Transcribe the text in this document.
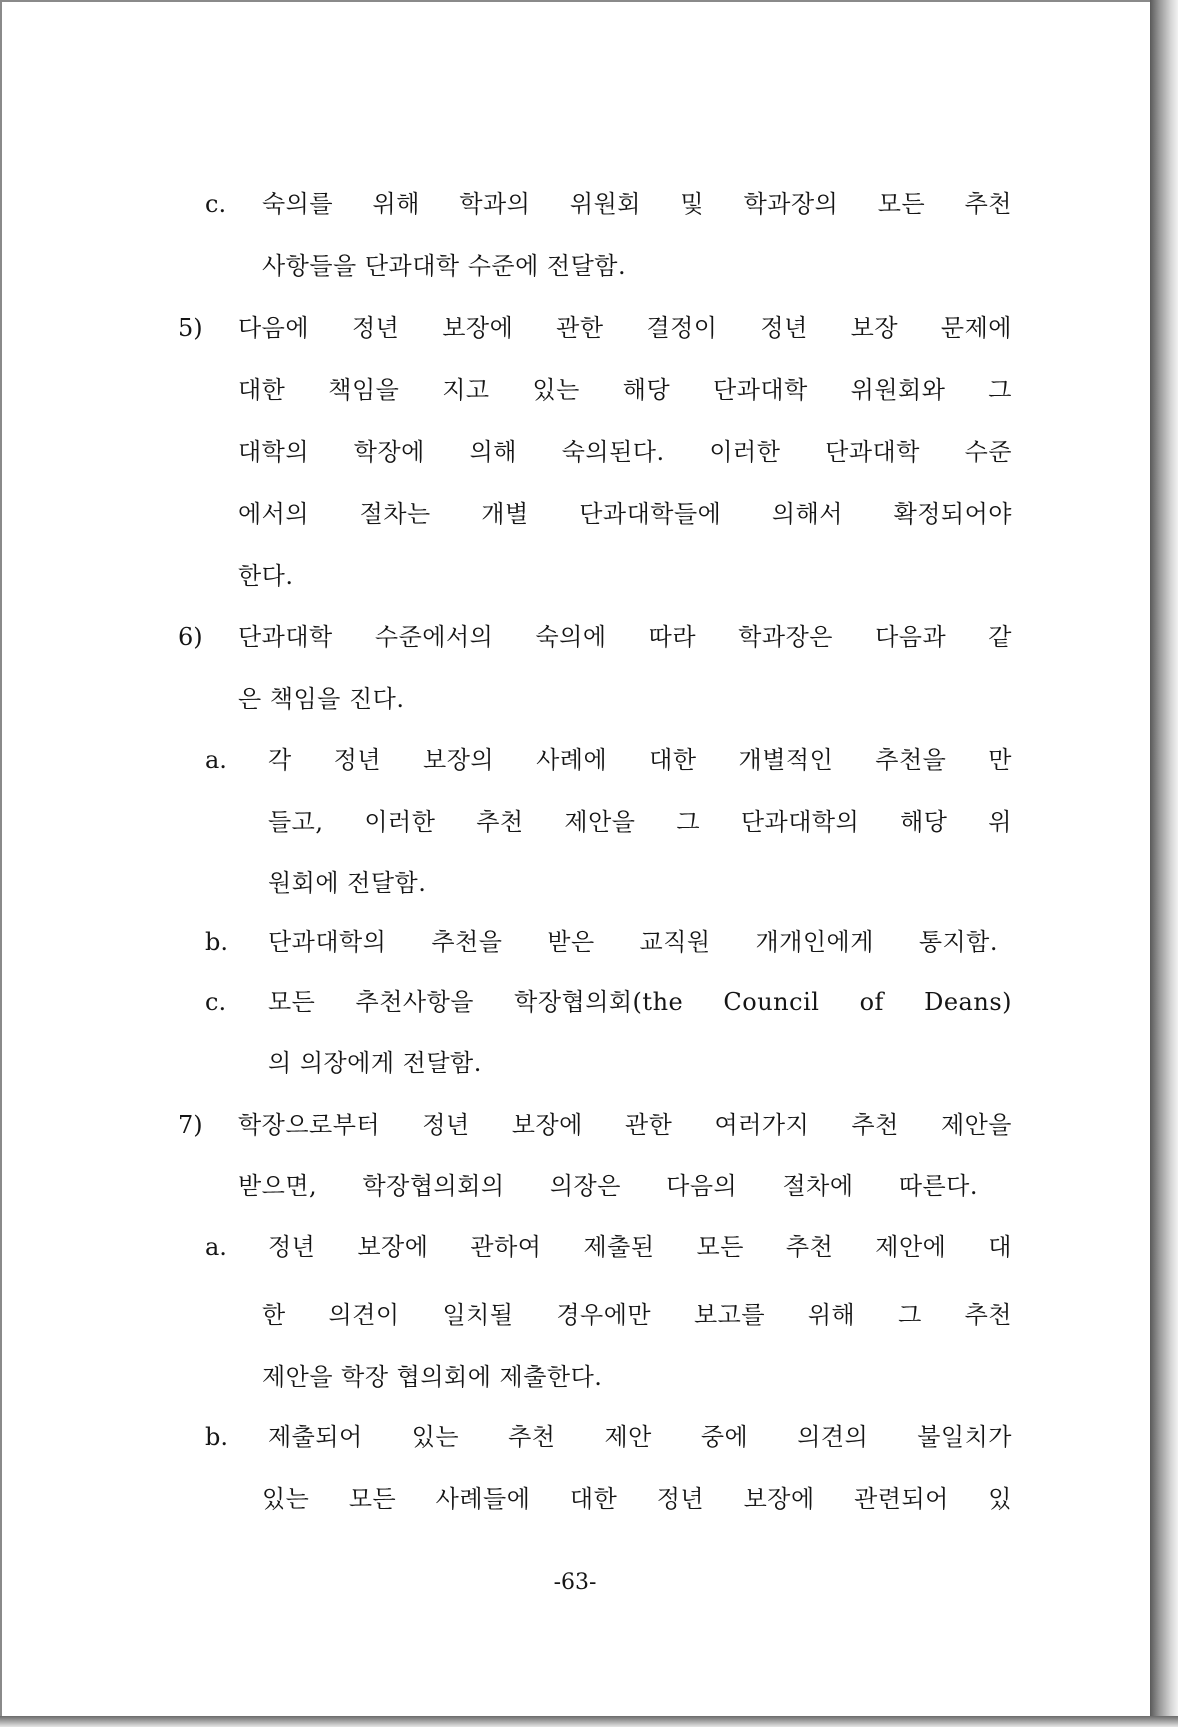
c. 숙의를 위해 학과의 위원회 및 학과장의 모든 추천
사항들을 단과대학 수준에 전달함.
5) 다음에 정년 보장에 관한 결정이 정년 보장 문제에
대한 책임을 지고 있는 해당 단과대학 위원회와 그
대학의 학장에 의해 숙의된다. 이러한 단과대학 수준
에서의 절차는 개별 단과대학들에 의해서 확정되어야
한다.
6) 단과대학 수준에서의 숙의에 따라 학과장은 다음과 같
은 책임을 진다.
a. 각 정년 보장의 사례에 대한 개별적인 추천을 만
들고, 이러한 추천 제안을 그 단과대학의 해당 위
원회에 전달함.
b. 단과대학의 추천을 받은 교직원 개개인에게 통지함.
c. 모든 추천사항을 학장협의회(the Council of Deans)
의 의장에게 전달함.
7) 학장으로부터 정년 보장에 관한 여러가지 추천 제안을
받으면, 학장협의회의 의장은 다음의 절차에 따른다.
a. 정년 보장에 관하여 제출된 모든 추천 제안에 대
한 의견이 일치될 경우에만 보고를 위해 그 추천
제안을 학장 협의회에 제출한다.
b. 제출되어 있는 추천 제안 중에 의견의 불일치가
있는 모든 사례들에 대한 정년 보장에 관련되어 있
-63-
